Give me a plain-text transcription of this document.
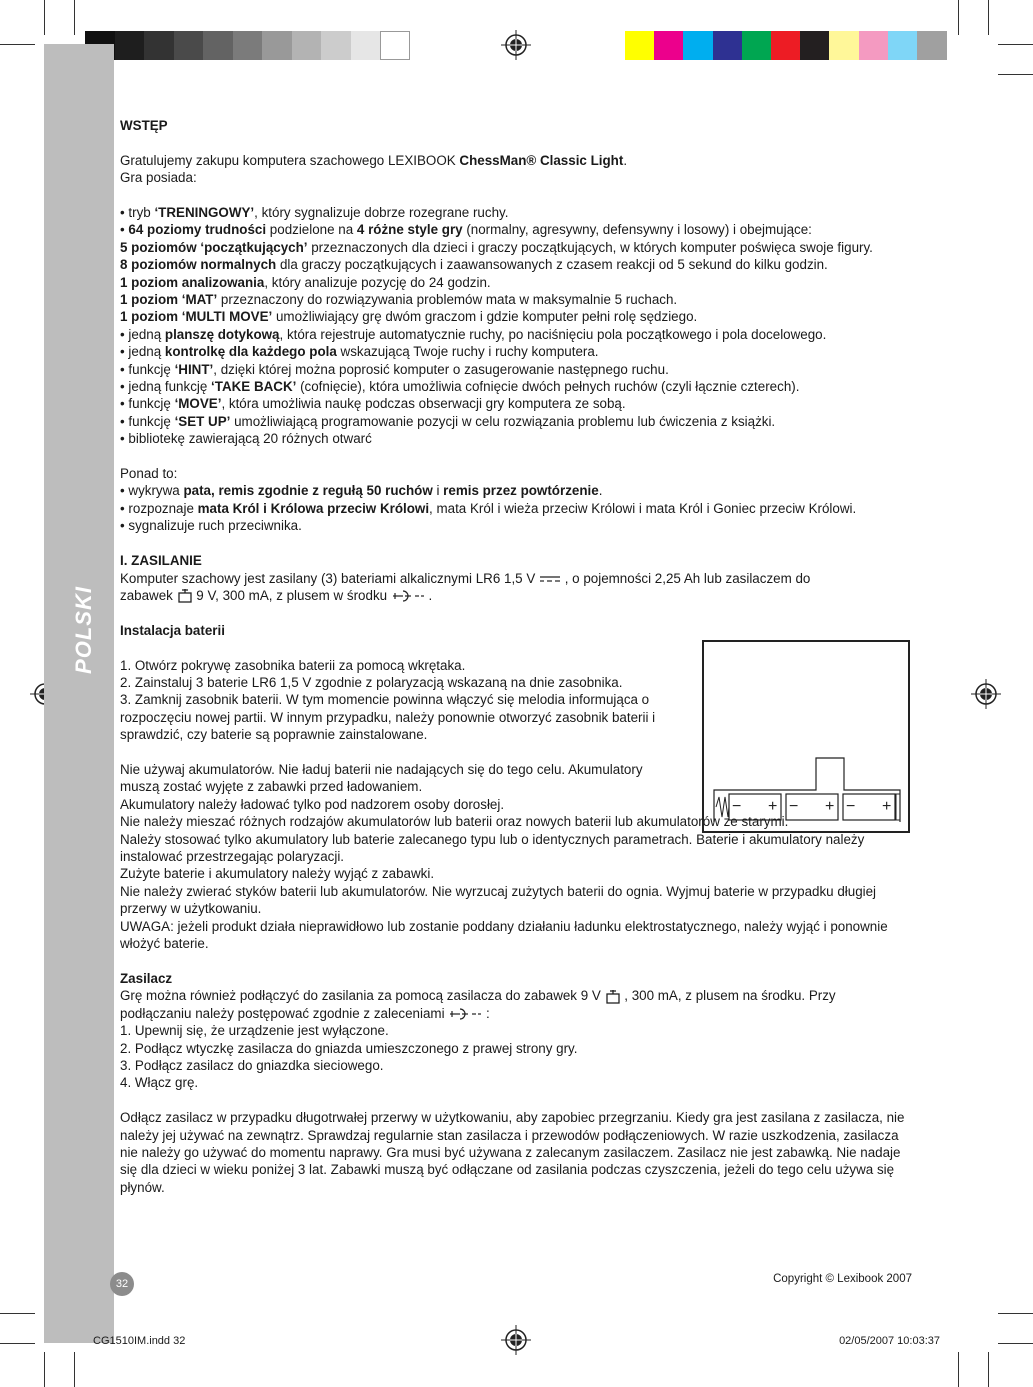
POLSKI

WSTĘP

Gratulujemy zakupu komputera szachowego LEXIBOOK ChessMan® Classic Light.

Gra posiada:

• tryb ‘TRENINGOWY’, który sygnalizuje dobrze rozegrane ruchy.

• 64 poziomy trudności podzielone na 4 różne style gry (normalny, agresywny, defensywny i losowy) i obejmujące:

5 poziomów ‘początkujących’ przeznaczonych dla dzieci i graczy początkujących, w których komputer poświęca swoje figury.

8 poziomów normalnych dla graczy początkujących i zaawansowanych z czasem reakcji od 5 sekund do kilku godzin.

1 poziom analizowania, który analizuje pozycję do 24 godzin.

1 poziom ‘MAT’ przeznaczony do rozwiązywania problemów mata w maksymalnie 5 ruchach.

1 poziom ‘MULTI MOVE’ umożliwiający grę dwóm graczom i gdzie komputer pełni rolę sędziego.

• jedną planszę dotykową, która rejestruje automatycznie ruchy, po naciśnięciu pola początkowego i pola docelowego.

• jedną kontrolkę dla każdego pola wskazującą Twoje ruchy i ruchy komputera.

• funkcję ‘HINT’, dzięki której można poprosić komputer o zasugerowanie następnego ruchu.

• jedną funkcję ‘TAKE BACK’ (cofnięcie), która umożliwia cofnięcie dwóch pełnych ruchów (czyli łącznie czterech).

• funkcję ‘MOVE’, która umożliwia naukę podczas obserwacji gry komputera ze sobą.

• funkcję ‘SET UP’ umożliwiającą programowanie pozycji w celu rozwiązania problemu lub ćwiczenia z książki.

• bibliotekę zawierającą 20 różnych otwarć

Ponad to:

• wykrywa pata, remis zgodnie z regułą 50 ruchów i remis przez powtórzenie.

• rozpoznaje mata Król i Królowa przeciw Królowi, mata Król i wieża przeciw Królowi i mata Król i Goniec przeciw Królowi.

• sygnalizuje ruch przeciwnika.

I. ZASILANIE

Komputer szachowy jest zasilany (3) bateriami alkalicznymi LR6 1,5 V  , o pojemności 2,25 Ah lub zasilaczem do

zabawek  9 V, 300 mA, z plusem w środku	.

Instalacja baterii

1. Otwórz pokrywę zasobnika baterii za pomocą wkrętaka.

2. Zainstaluj 3 baterie LR6 1,5 V zgodnie z polaryzacją wskazaną na dnie zasobnika.

3. Zamknij zasobnik baterii. W tym momencie powinna włączyć się melodia informująca o

rozpoczęciu nowej partii. W innym przypadku, należy ponownie otworzyć zasobnik baterii i

sprawdzić, czy baterie są poprawnie zainstalowane.

Nie używaj akumulatorów. Nie ładuj baterii nie nadających się do tego celu. Akumulatory

muszą zostać wyjęte z zabawki przed ładowaniem.

Akumulatory należy ładować tylko pod nadzorem osoby dorosłej.

Nie należy mieszać różnych rodzajów akumulatorów lub baterii oraz nowych baterii lub akumulatorów ze starymi.

Należy stosować tylko akumulatory lub baterie zalecanego typu lub o identycznych parametrach. Baterie i akumulatory należy instalować przestrzegając polaryzacji.

Zużyte baterie i akumulatory należy wyjąć z zabawki.

Nie należy zwierać styków baterii lub akumulatorów. Nie wyrzucaj zużytych baterii do ognia. Wyjmuj baterie w przypadku długiej przerwy w użytkowaniu.

UWAGA: jeżeli produkt działa nieprawidłowo lub zostanie poddany działaniu ładunku elektrostatycznego, należy wyjąć i ponownie włożyć baterie.

Zasilacz

Grę można również podłączyć do zasilania za pomocą zasilacza do zabawek 9 V  , 300 mA, z plusem na środku. Przy

podłączaniu należy postępować zgodnie z zaleceniami	:

1. Upewnij się, że urządzenie jest wyłączone.

2. Podłącz wtyczkę zasilacza do gniazda umieszczonego z prawej strony gry.

3. Podłącz zasilacz do gniazdka sieciowego.

4. Włącz grę.

Odłącz zasilacz w przypadku długotrwałej przerwy w użytkowaniu, aby zapobiec przegrzaniu. Kiedy gra jest zasilana z zasilacza, nie należy jej używać na zewnątrz. Sprawdzaj regularnie stan zasilacza i przewodów podłączeniowych. W razie uszkodzenia, zasilacza nie należy go używać do momentu naprawy. Gra musi być używana z zalecanym zasilaczem. Zasilacz nie jest zabawką. Nie nadaje się dla dzieci w wieku poniżej 3 lat. Zabawki muszą być odłączane od zasilania podczas czyszczenia, jeżeli do tego celu używa się płynów.

− + − + − +
32	Copyright © Lexibook 2007
CG1510IM.indd 32	02/05/2007 10:03:37
